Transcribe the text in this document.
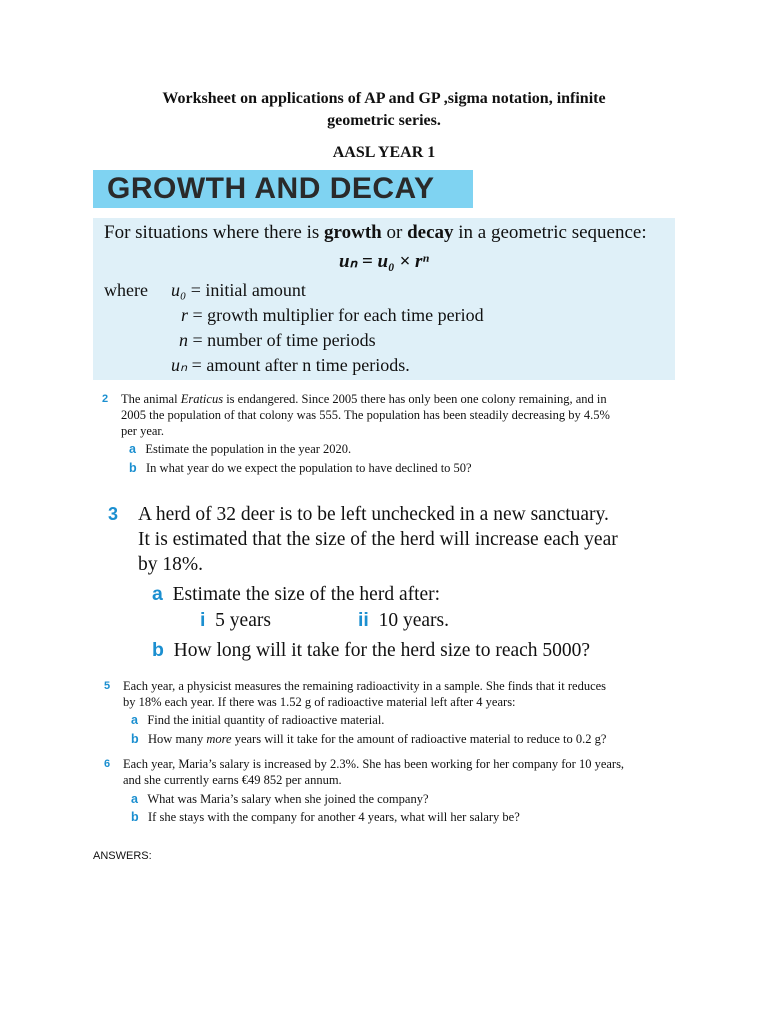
Worksheet on applications of AP and GP ,sigma notation, infinite
geometric series.
AASL YEAR 1
GROWTH AND DECAY
For situations where there is growth or decay in a geometric sequence:
uₙ = u₀ × rⁿ
where u₀ = initial amount
r = growth multiplier for each time period
n = number of time periods
uₙ = amount after n time periods.
2 The animal Eraticus is endangered. Since 2005 there has only been one colony remaining, and in
2005 the population of that colony was 555. The population has been steadily decreasing by 4.5%
per year.
a Estimate the population in the year 2020.
b In what year do we expect the population to have declined to 50?
3 A herd of 32 deer is to be left unchecked in a new sanctuary.
It is estimated that the size of the herd will increase each year
by 18%.
a Estimate the size of the herd after:
i 5 years	ii 10 years.
b How long will it take for the herd size to reach 5000?
5 Each year, a physicist measures the remaining radioactivity in a sample. She finds that it reduces
by 18% each year. If there was 1.52 g of radioactive material left after 4 years:
a Find the initial quantity of radioactive material.
b How many more years will it take for the amount of radioactive material to reduce to 0.2 g?
6 Each year, Maria’s salary is increased by 2.3%. She has been working for her company for 10 years,
and she currently earns €49 852 per annum.
a What was Maria’s salary when she joined the company?
b If she stays with the company for another 4 years, what will her salary be?
ANSWERS:
